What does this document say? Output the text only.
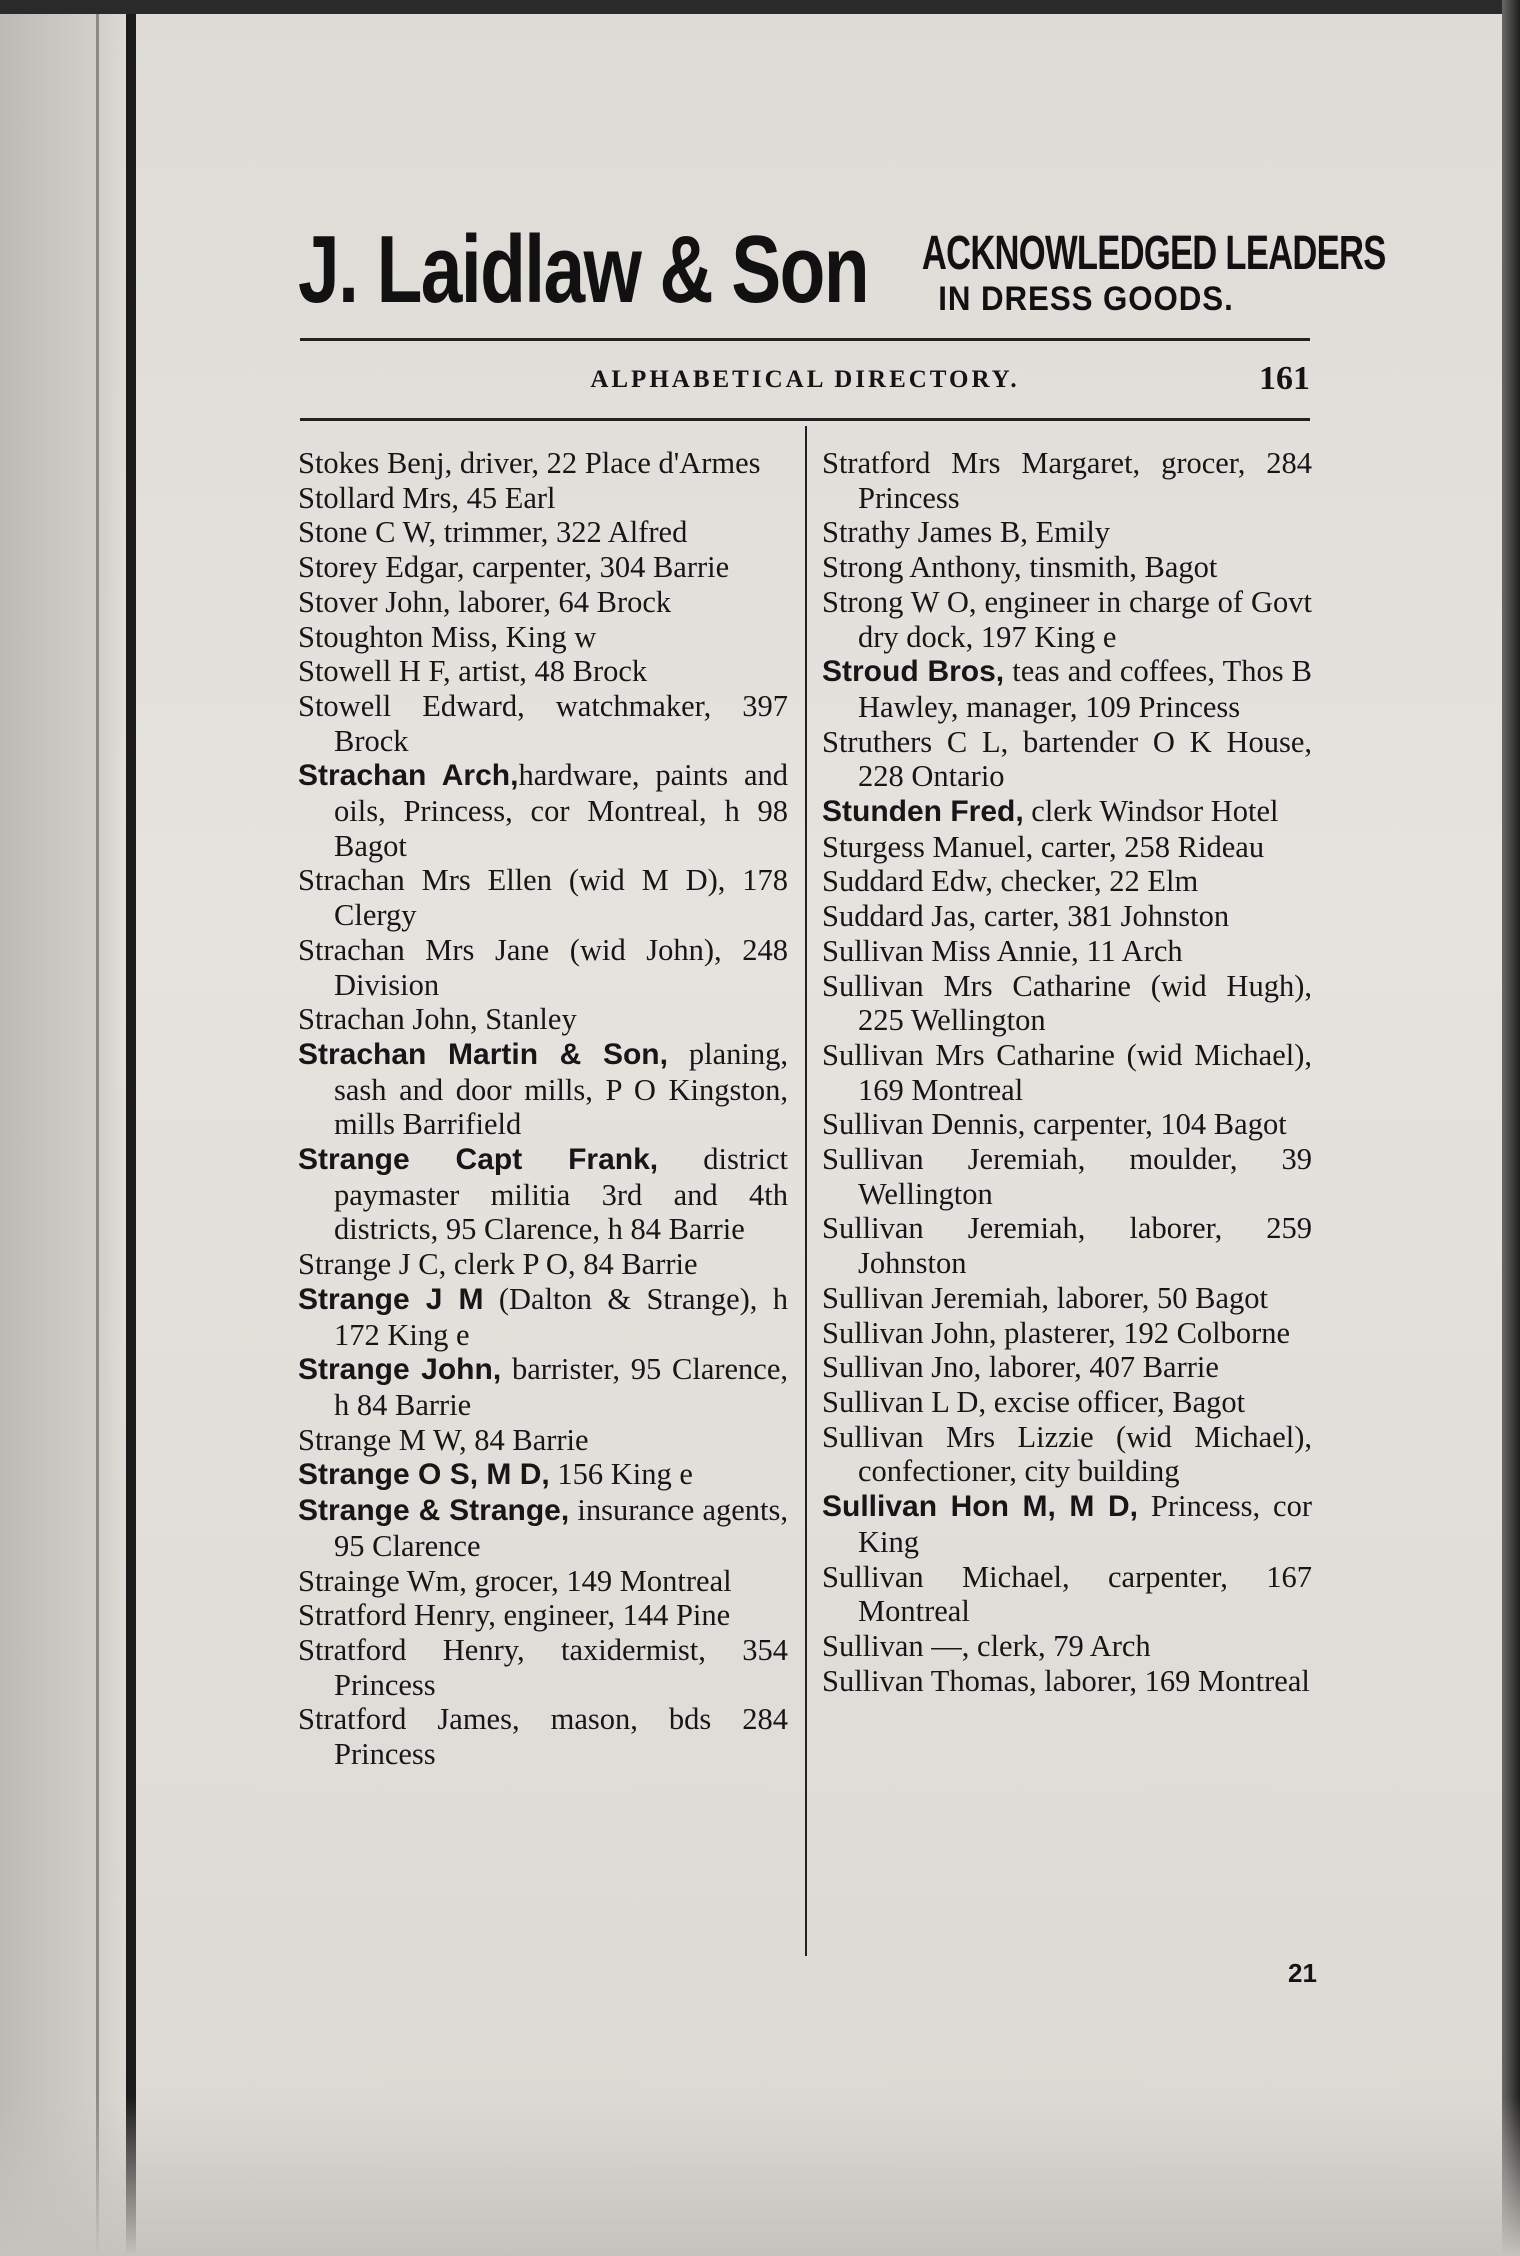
J. Laidlaw & Son ACKNOWLEDGED LEADERS
IN DRESS GOODS.
ALPHABETICAL DIRECTORY.	161

Stokes Benj, driver, 22 Place d'Armes

Stollard Mrs, 45 Earl

Stone C W, trimmer, 322 Alfred

Storey Edgar, carpenter, 304 Barrie

Stover John, laborer, 64 Brock

Stoughton Miss, King w

Stowell H F, artist, 48 Brock

Stowell Edward, watchmaker, 397 Brock

Strachan Arch,hardware, paints and oils, Princess, cor Montreal, h 98 Bagot

Strachan Mrs Ellen (wid M D), 178 Clergy

Strachan Mrs Jane (wid John), 248 Division

Strachan John, Stanley

Strachan Martin & Son, planing, sash and door mills, P O Kingston, mills Barrifield

Strange Capt Frank, district paymaster militia 3rd and 4th districts, 95 Clarence, h 84 Barrie

Strange J C, clerk P O, 84 Barrie

Strange J M (Dalton & Strange), h 172 King e

Strange John, barrister, 95 Clarence, h 84 Barrie

Strange M W, 84 Barrie

Strange O S, M D, 156 King e

Strange & Strange, insurance agents, 95 Clarence

Strainge Wm, grocer, 149 Montreal

Stratford Henry, engineer, 144 Pine

Stratford Henry, taxidermist, 354 Princess

Stratford James, mason, bds 284 Princess

Stratford Mrs Margaret, grocer, 284 Princess

Strathy James B, Emily

Strong Anthony, tinsmith, Bagot

Strong W O, engineer in charge of Govt dry dock, 197 King e

Stroud Bros, teas and coffees, Thos B Hawley, manager, 109 Princess

Struthers C L, bartender O K House, 228 Ontario

Stunden Fred, clerk Windsor Hotel

Sturgess Manuel, carter, 258 Rideau

Suddard Edw, checker, 22 Elm

Suddard Jas, carter, 381 Johnston

Sullivan Miss Annie, 11 Arch

Sullivan Mrs Catharine (wid Hugh), 225 Wellington

Sullivan Mrs Catharine (wid Michael), 169 Montreal

Sullivan Dennis, carpenter, 104 Bagot

Sullivan Jeremiah, moulder, 39 Wellington

Sullivan Jeremiah, laborer, 259 Johnston

Sullivan Jeremiah, laborer, 50 Bagot

Sullivan John, plasterer, 192 Colborne

Sullivan Jno, laborer, 407 Barrie

Sullivan L D, excise officer, Bagot

Sullivan Mrs Lizzie (wid Michael), confectioner, city building

Sullivan Hon M, M D, Princess, cor King

Sullivan Michael, carpenter, 167 Montreal

Sullivan —, clerk, 79 Arch

Sullivan Thomas, laborer, 169 Montreal

21
